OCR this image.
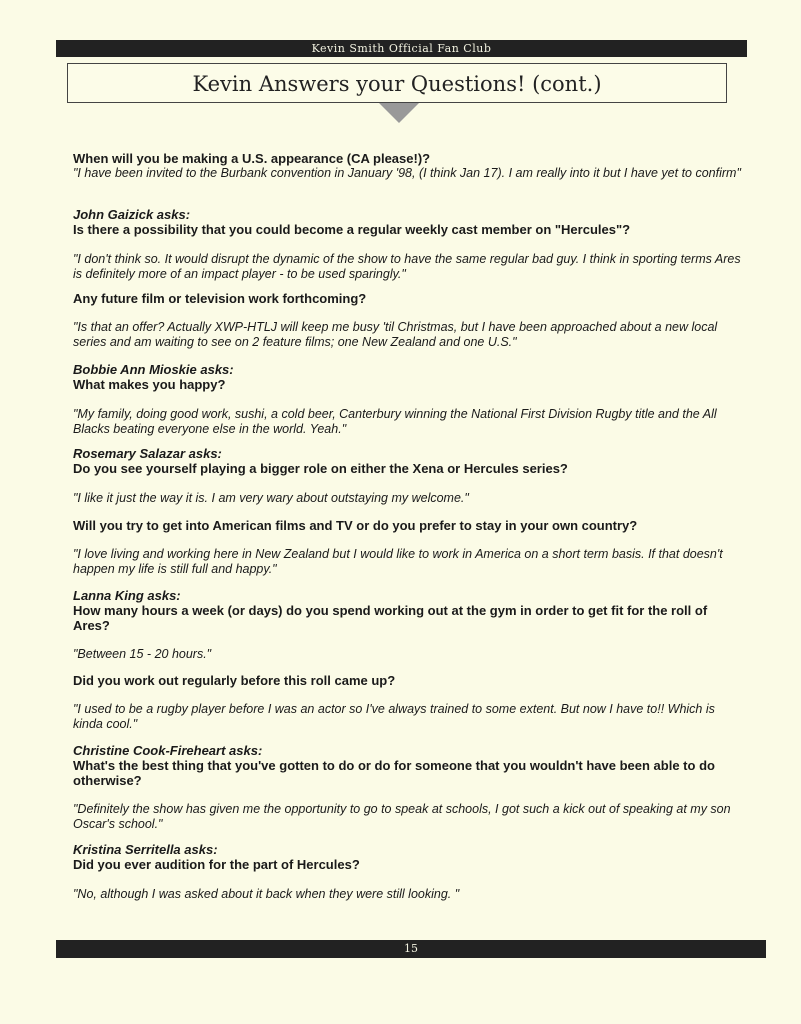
Kevin Smith Official Fan Club
Kevin Answers your Questions! (cont.)
When will you be making a U.S. appearance (CA please!)?
"I have been invited to the Burbank convention in January '98, (I think Jan 17). I am really into it but I have yet to confirm"
John Gaizick asks:
Is there a possibility that you could become a regular weekly cast member on "Hercules"?
"I don't think so. It would disrupt the dynamic of the show to have the same regular bad guy. I think in sporting terms Ares is definitely more of an impact player - to be used sparingly."
Any future film or television work forthcoming?
"Is that an offer? Actually XWP-HTLJ will keep me busy 'til Christmas, but I have been approached about a new local series and am waiting to see on 2 feature films; one New Zealand and one U.S."
Bobbie Ann Mioskie asks:
What makes you happy?
"My family, doing good work, sushi, a cold beer, Canterbury winning the National First Division Rugby title and the All Blacks beating everyone else in the world. Yeah."
Rosemary Salazar asks:
Do you see yourself playing a bigger role on either the Xena or Hercules series?
"I like it just the way it is. I am very wary about outstaying my welcome."
Will you try to get into American films and TV or do you prefer to stay in your own country?
"I love living and working here in New Zealand but I would like to work in America on a short term basis. If that doesn't happen my life is still full and happy."
Lanna King asks:
How many hours a week (or days) do you spend working out at the gym in order to get fit for the roll of Ares?
"Between 15 - 20 hours."
Did you work out regularly before this roll came up?
"I used to be a rugby player before I was an actor so I've always trained to some extent. But now I have to!! Which is kinda cool."
Christine Cook-Fireheart asks:
What's the best thing that you've gotten to do or do for someone that you wouldn't have been able to do otherwise?
"Definitely the show has given me the opportunity to go to speak at schools, I got such a kick out of speaking at my son Oscar's school."
Kristina Serritella asks:
Did you ever audition for the part of Hercules?
"No, although I was asked about it back when they were still looking. "
15
